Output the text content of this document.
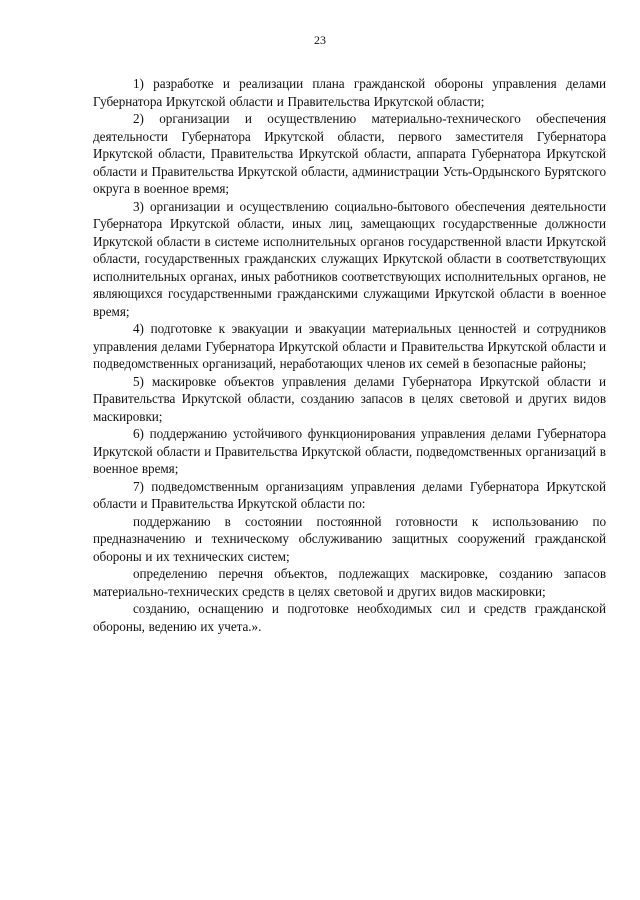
23

1) разработке и реализации плана гражданской обороны управления делами Губернатора Иркутской области и Правительства Иркутской области;

2) организации и осуществлению материально-технического обеспечения деятельности Губернатора Иркутской области, первого заместителя Губернатора Иркутской области, Правительства Иркутской области, аппарата Губернатора Иркутской области и Правительства Иркутской области, администрации Усть-Ордынского Бурятского округа в военное время;

3) организации и осуществлению социально-бытового обеспечения деятельности Губернатора Иркутской области, иных лиц, замещающих государственные должности Иркутской области в системе исполнительных органов государственной власти Иркутской области, государственных гражданских служащих Иркутской области в соответствующих исполнительных органах, иных работников соответствующих исполнительных органов, не являющихся государственными гражданскими служащими Иркутской области в военное время;

4) подготовке к эвакуации и эвакуации материальных ценностей и сотрудников управления делами Губернатора Иркутской области и Правительства Иркутской области и подведомственных организаций, неработающих членов их семей в безопасные районы;

5) маскировке объектов управления делами Губернатора Иркутской области и Правительства Иркутской области, созданию запасов в целях световой и других видов маскировки;

6) поддержанию устойчивого функционирования управления делами Губернатора Иркутской области и Правительства Иркутской области, подведомственных организаций в военное время;

7) подведомственным организациям управления делами Губернатора Иркутской области и Правительства Иркутской области по:

поддержанию в состоянии постоянной готовности к использованию по предназначению и техническому обслуживанию защитных сооружений гражданской обороны и их технических систем;

определению перечня объектов, подлежащих маскировке, созданию запасов материально-технических средств в целях световой и других видов маскировки;

созданию, оснащению и подготовке необходимых сил и средств гражданской обороны, ведению их учета.».
